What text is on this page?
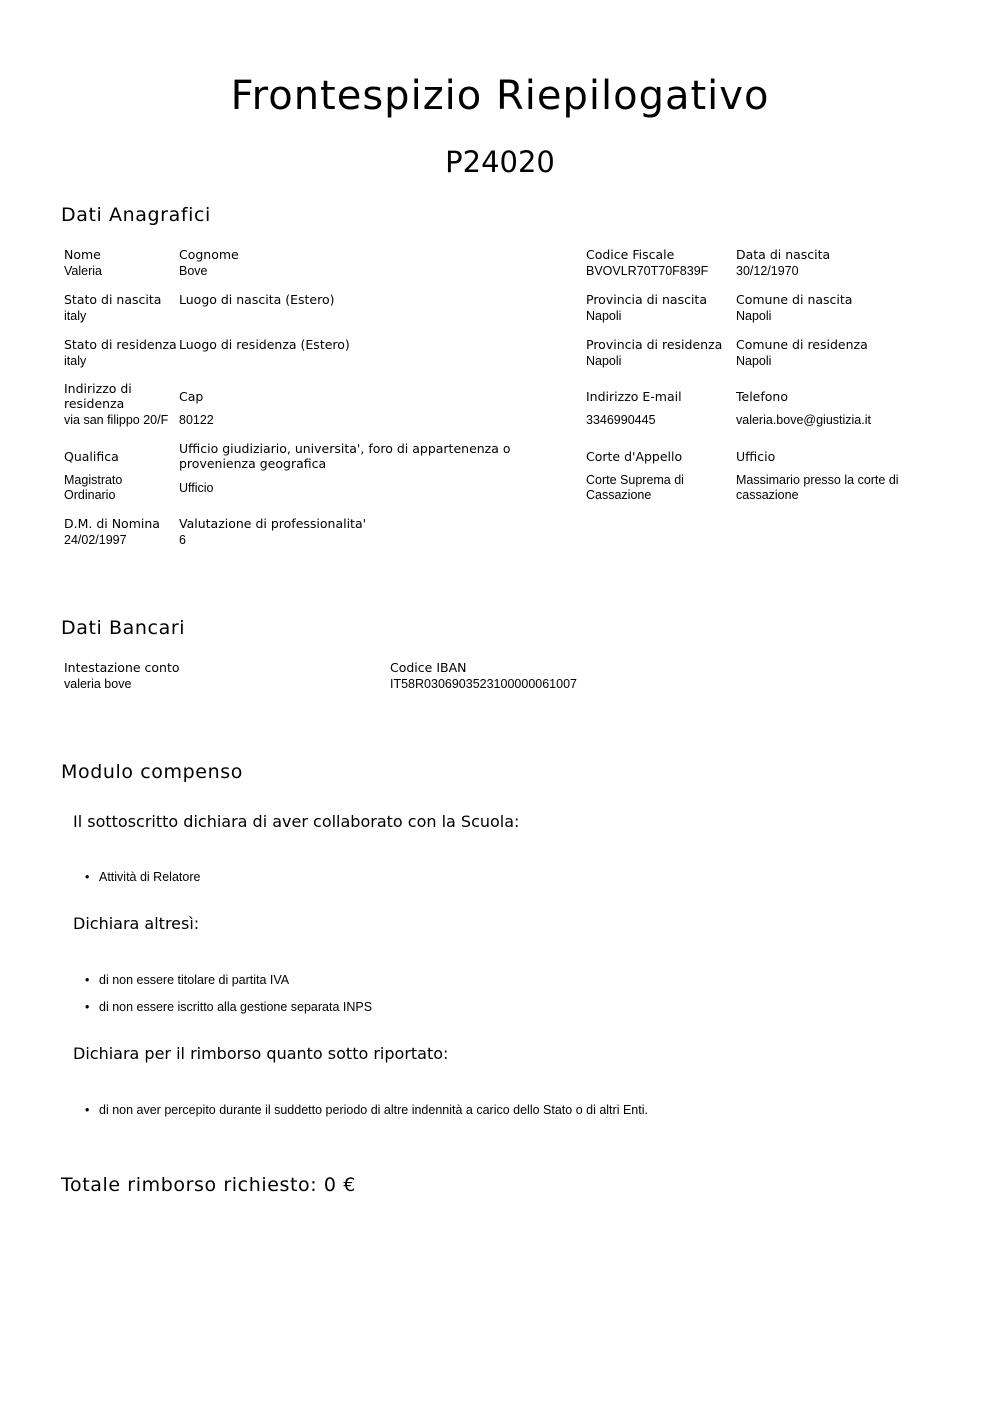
Frontespizio Riepilogativo
P24020
Dati Anagrafici
Nome
Valeria
Cognome
Bove
Codice Fiscale
BVOVLR70T70F839F
Data di nascita
30/12/1970
Stato di nascita
italy
Luogo di nascita (Estero)	Provincia di nascita
Napoli
Comune di nascita
Napoli
Stato di residenza
italy
Luogo di residenza (Estero)	Provincia di residenza
Napoli
Comune di residenza
Napoli
Indirizzo di residenza
via san filippo 20/F
Cap
80122
Indirizzo E-mail
3346990445
Telefono
valeria.bove@giustizia.it
Qualifica
Magistrato Ordinario
Ufficio giudiziario, universita', foro di appartenenza o provenienza geografica
Ufficio
Corte d'Appello
Corte Suprema di Cassazione
Ufficio
Massimario presso la corte di cassazione
D.M. di Nomina
24/02/1997
Valutazione di professionalita'
6
Dati Bancari
Intestazione conto
valeria bove
Codice IBAN
IT58R0306903523100000061007
Modulo compenso
Il sottoscritto dichiara di aver collaborato con la Scuola:
• Attività di Relatore
Dichiara altresì:
• di non essere titolare di partita IVA
• di non essere iscritto alla gestione separata INPS
Dichiara per il rimborso quanto sotto riportato:
• di non aver percepito durante il suddetto periodo di altre indennità a carico dello Stato o di altri Enti.
Totale rimborso richiesto: 0 €
